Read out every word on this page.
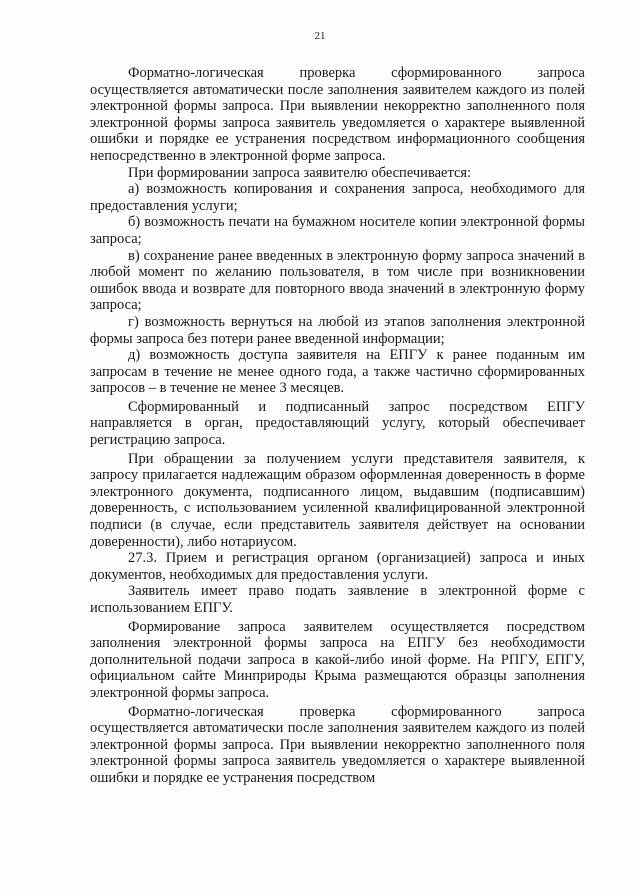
21

Форматно-логическая проверка сформированного запроса осуществляется автоматически после заполнения заявителем каждого из полей электронной формы запроса. При выявлении некорректно заполненного поля электронной формы запроса заявитель уведомляется о характере выявленной ошибки и порядке ее устранения посредством информационного сообщения непосредственно в электронной форме запроса.

При формировании запроса заявителю обеспечивается:

а) возможность копирования и сохранения запроса, необходимого для предоставления услуги;

б) возможность печати на бумажном носителе копии электронной формы запроса;

в) сохранение ранее введенных в электронную форму запроса значений в любой момент по желанию пользователя, в том числе при возникновении ошибок ввода и возврате для повторного ввода значений в электронную форму запроса;

г) возможность вернуться на любой из этапов заполнения электронной формы запроса без потери ранее введенной информации;

д) возможность доступа заявителя на ЕПГУ к ранее поданным им запросам в течение не менее одного года, а также частично сформированных запросов – в течение не менее 3 месяцев.

Сформированный и подписанный запрос посредством ЕПГУ направляется в орган, предоставляющий услугу, который обеспечивает регистрацию запроса.

При обращении за получением услуги представителя заявителя, к запросу прилагается надлежащим образом оформленная доверенность в форме электронного документа, подписанного лицом, выдавшим (подписавшим) доверенность, с использованием усиленной квалифицированной электронной подписи (в случае, если представитель заявителя действует на основании доверенности), либо нотариусом.

27.3. Прием и регистрация органом (организацией) запроса и иных документов, необходимых для предоставления услуги.

Заявитель имеет право подать заявление в электронной форме с использованием ЕПГУ.

Формирование запроса заявителем осуществляется посредством заполнения электронной формы запроса на ЕПГУ без необходимости дополнительной подачи запроса в какой-либо иной форме. На РПГУ, ЕПГУ, официальном сайте Минприроды Крыма размещаются образцы заполнения электронной формы запроса.

Форматно-логическая проверка сформированного запроса осуществляется автоматически после заполнения заявителем каждого из полей электронной формы запроса. При выявлении некорректно заполненного поля электронной формы запроса заявитель уведомляется о характере выявленной ошибки и порядке ее устранения посредством
